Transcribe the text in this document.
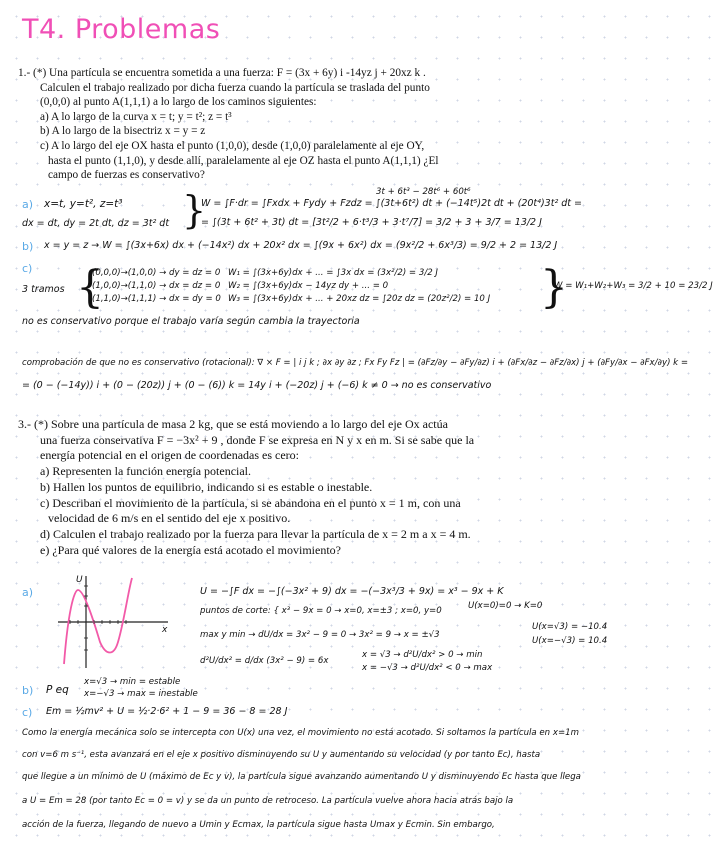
T4. Problemas
1.- (*) Una partícula se encuentra sometida a una fuerza: F = (3x + 6y) i -14yz j + 20xz k .
Calculen el trabajo realizado por dicha fuerza cuando la partícula se traslada del punto
(0,0,0) al punto A(1,1,1) a lo largo de los caminos siguientes:
a) A lo largo de la curva x = t; y = t²; z = t³
b) A lo largo de la bisectriz x = y = z
c) A lo largo del eje OX hasta el punto (1,0,0), desde (1,0,0) paralelamente al eje OY,
hasta el punto (1,1,0), y desde allí, paralelamente al eje OZ hasta el punto A(1,1,1) ¿El
campo de fuerzas es conservativo?
3t + 6t³ − 28t⁶ + 60t⁶
a) x=t, y=t², z=t³
dx = dt, dy = 2t dt, dz = 3t² dt }
W = ∫F·dr = ∫Fxdx + Fydy + Fzdz = ∫(3t+6t²) dt + (−14t⁵)2t dt + (20t⁴)3t² dt =
= ∫(3t + 6t² + 3t) dt = [3t²/2 + 6·t³/3 + 3·t⁷/7] = 3/2 + 3 + 3/7 = 13/2 J
b) x = y = z → W = ∫(3x+6x) dx + (−14x²) dx + 20x² dx = ∫(9x + 6x²) dx = (9x²/2 + 6x³/3) = 9/2 + 2 = 13/2 J
c)
3 tramos {
(0,0,0)→(1,0,0) → dy = dz = 0
(1,0,0)→(1,1,0) → dx = dz = 0
(1,1,0)→(1,1,1) → dx = dy = 0
W₁ = ∫(3x+6y)dx + ... = ∫3x dx = (3x²/2) = 3/2 J
W₂ = ∫(3x+6y)dx − 14yz dy + ... = 0
W₃ = ∫(3x+6y)dx + ... + 20xz dz = ∫20z dz = (20z²/2) = 10 J }
W = W₁+W₂+W₃ = 3/2 + 10 = 23/2 J
no es conservativo porque el trabajo varía según cambia la trayectoria
comprobación de que no es conservativo (rotacional): ∇ × F = | i j k ; ∂x ∂y ∂z ; Fx Fy Fz | = (∂Fz/∂y − ∂Fy/∂z) i + (∂Fx/∂z − ∂Fz/∂x) j + (∂Fy/∂x − ∂Fx/∂y) k =
= (0 − (−14y)) i + (0 − (20z)) j + (0 − (6)) k = 14y i + (−20z) j + (−6) k ≠ 0 → no es conservativo
3.- (*) Sobre una partícula de masa 2 kg, que se está moviendo a lo largo del eje Ox actúa
una fuerza conservativa F = −3x² + 9 , donde F se expresa en N y x en m. Si se sabe que la
energía potencial en el origen de coordenadas es cero:
a) Representen la función energía potencial.
b) Hallen los puntos de equilibrio, indicando si es estable o inestable.
c) Describan el movimiento de la partícula, si se abandona en el punto x = 1 m, con una
velocidad de 6 m/s en el sentido del eje x positivo.
d) Calculen el trabajo realizado por la fuerza para llevar la partícula de x = 2 m a x = 4 m.
e) ¿Para qué valores de la energía está acotado el movimiento?
a)
U
x
U = −∫F dx = −∫(−3x² + 9) dx = −(−3x³/3 + 9x) = x³ − 9x + K
U(x=0)=0 → K=0
puntos de corte: { x³ − 9x = 0 → x=0, x=±3 ; x=0, y=0
max y min → dU/dx = 3x² − 9 = 0 → 3x² = 9 → x = ±√3
U(x=√3) = −10.4
U(x=−√3) = 10.4
d²U/dx² = d/dx (3x² − 9) = 6x
x = √3 → d²U/dx² > 0 → min
x = −√3 → d²U/dx² < 0 → max
b) P eq
x=√3 → min = estable
x=−√3 → max = inestable
c) Em = ½mv² + U = ½·2·6² + 1 − 9 = 36 − 8 = 28 J
Como la energía mecánica solo se intercepta con U(x) una vez, el movimiento no está acotado. Si soltamos la partícula en x=1m
con v=6 m s⁻¹, esta avanzará en el eje x positivo disminuyendo su U y aumentando su velocidad (y por tanto Ec), hasta
que llegue a un mínimo de U (máximo de Ec y v), la partícula sigue avanzando aumentando U y disminuyendo Ec hasta que llega
a U = Em = 28 (por tanto Ec = 0 = v) y se da un punto de retroceso. La partícula vuelve ahora hacia atrás bajo la
acción de la fuerza, llegando de nuevo a Umin y Ecmax, la partícula sigue hasta Umax y Ecmin. Sin embargo,
